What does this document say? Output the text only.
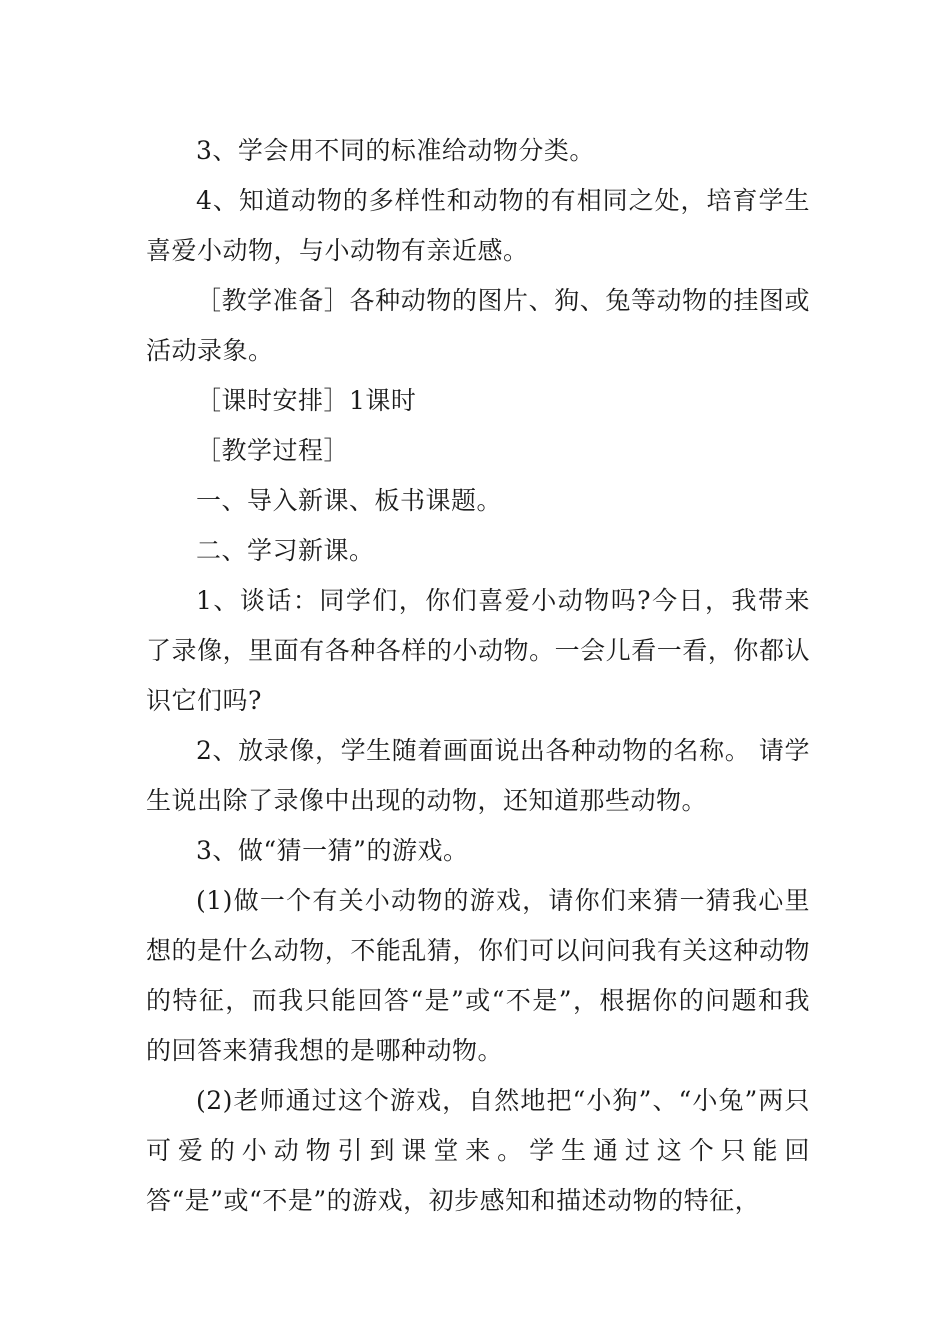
3、学会用不同的标准给动物分类。

4、知道动物的多样性和动物的有相同之处，培育学生喜爱小动物，与小动物有亲近感。

［教学准备］各种动物的图片、狗、兔等动物的挂图或活动录象。

［课时安排］1课时

［教学过程］

一、导入新课、板书课题。

二、学习新课。

1、谈话：同学们，你们喜爱小动物吗?今日，我带来了录像，里面有各种各样的小动物。一会儿看一看，你都认识它们吗?

2、放录像，学生随着画面说出各种动物的名称。 请学生说出除了录像中出现的动物，还知道那些动物。

3、做“猜一猜”的游戏。

(1)做一个有关小动物的游戏，请你们来猜一猜我心里想的是什么动物，不能乱猜，你们可以问问我有关这种动物的特征，而我只能回答“是”或“不是”，根据你的问题和我的回答来猜我想的是哪种动物。

(2)老师通过这个游戏，自然地把“小狗”、“小兔”两只可爱的小动物引到课堂来。学生通过这个只能回答“是”或“不是”的游戏，初步感知和描述动物的特征，
